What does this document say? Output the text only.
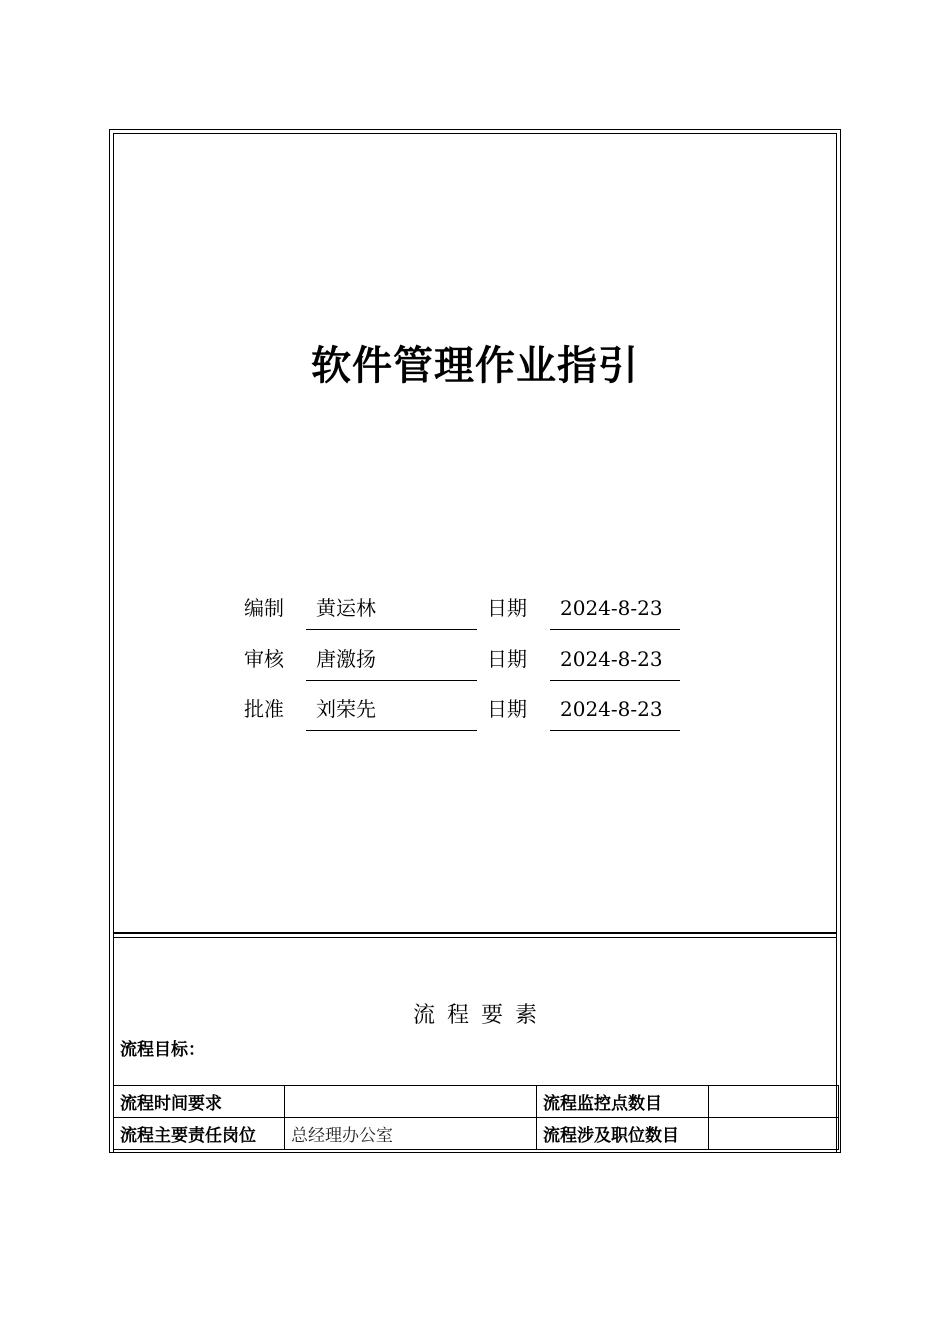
软件管理作业指引
编制	黄运林	日期	2024-8-23
审核	唐激扬	日期	2024-8-23
批准	刘荣先	日期	2024-8-23
流程要素
流程目标：
流程时间要求		流程监控点数目	
流程主要责任岗位	总经理办公室	流程涉及职位数目	
